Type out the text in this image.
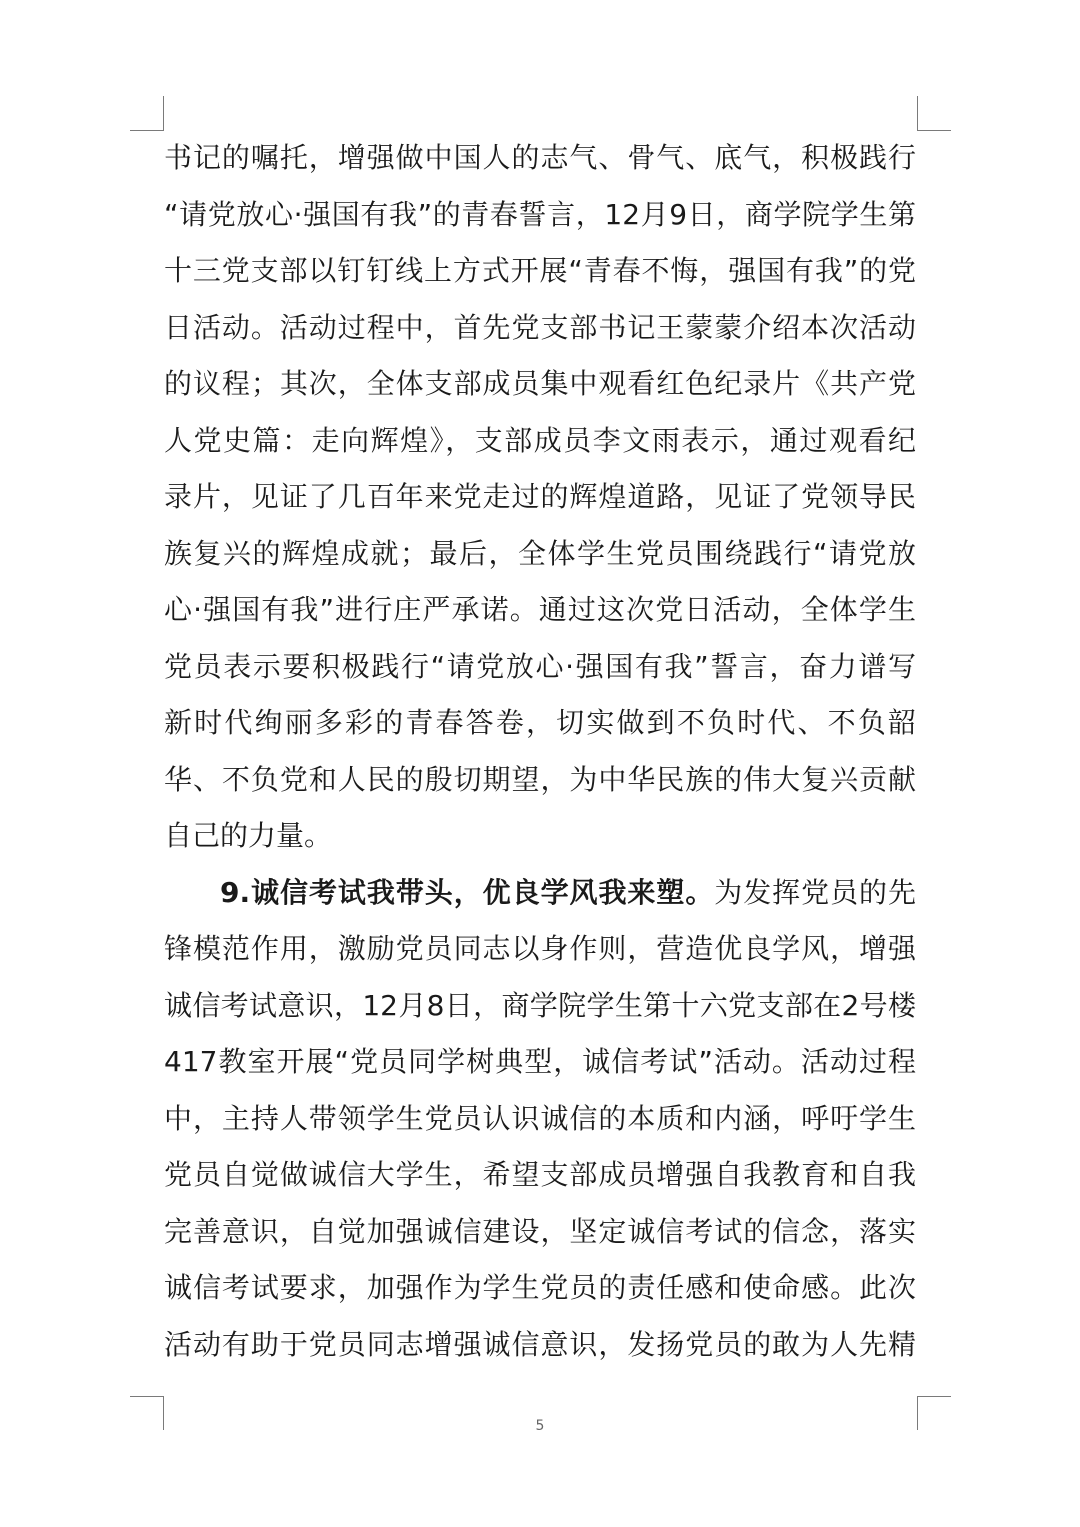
书记的嘱托，增强做中国人的志气、骨气、底气，积极践行
“请党放心·强国有我”的青春誓言，12月9日，商学院学生第
十三党支部以钉钉线上方式开展“青春不悔，强国有我”的党
日活动。活动过程中，首先党支部书记王蒙蒙介绍本次活动
的议程；其次，全体支部成员集中观看红色纪录片《共产党
人党史篇：走向辉煌》，支部成员李文雨表示，通过观看纪
录片，见证了几百年来党走过的辉煌道路，见证了党领导民
族复兴的辉煌成就；最后，全体学生党员围绕践行“请党放
心·强国有我”进行庄严承诺。通过这次党日活动，全体学生
党员表示要积极践行“请党放心·强国有我”誓言，奋力谱写
新时代绚丽多彩的青春答卷，切实做到不负时代、不负韶
华、不负党和人民的殷切期望，为中华民族的伟大复兴贡献
自己的力量。
9.诚信考试我带头，优良学风我来塑。为发挥党员的先
锋模范作用，激励党员同志以身作则，营造优良学风，增强
诚信考试意识，12月8日，商学院学生第十六党支部在2号楼
417教室开展“党员同学树典型，诚信考试”活动。活动过程
中，主持人带领学生党员认识诚信的本质和内涵，呼吁学生
党员自觉做诚信大学生，希望支部成员增强自我教育和自我
完善意识，自觉加强诚信建设，坚定诚信考试的信念，落实
诚信考试要求，加强作为学生党员的责任感和使命感。此次
活动有助于党员同志增强诚信意识，发扬党员的敢为人先精
5
